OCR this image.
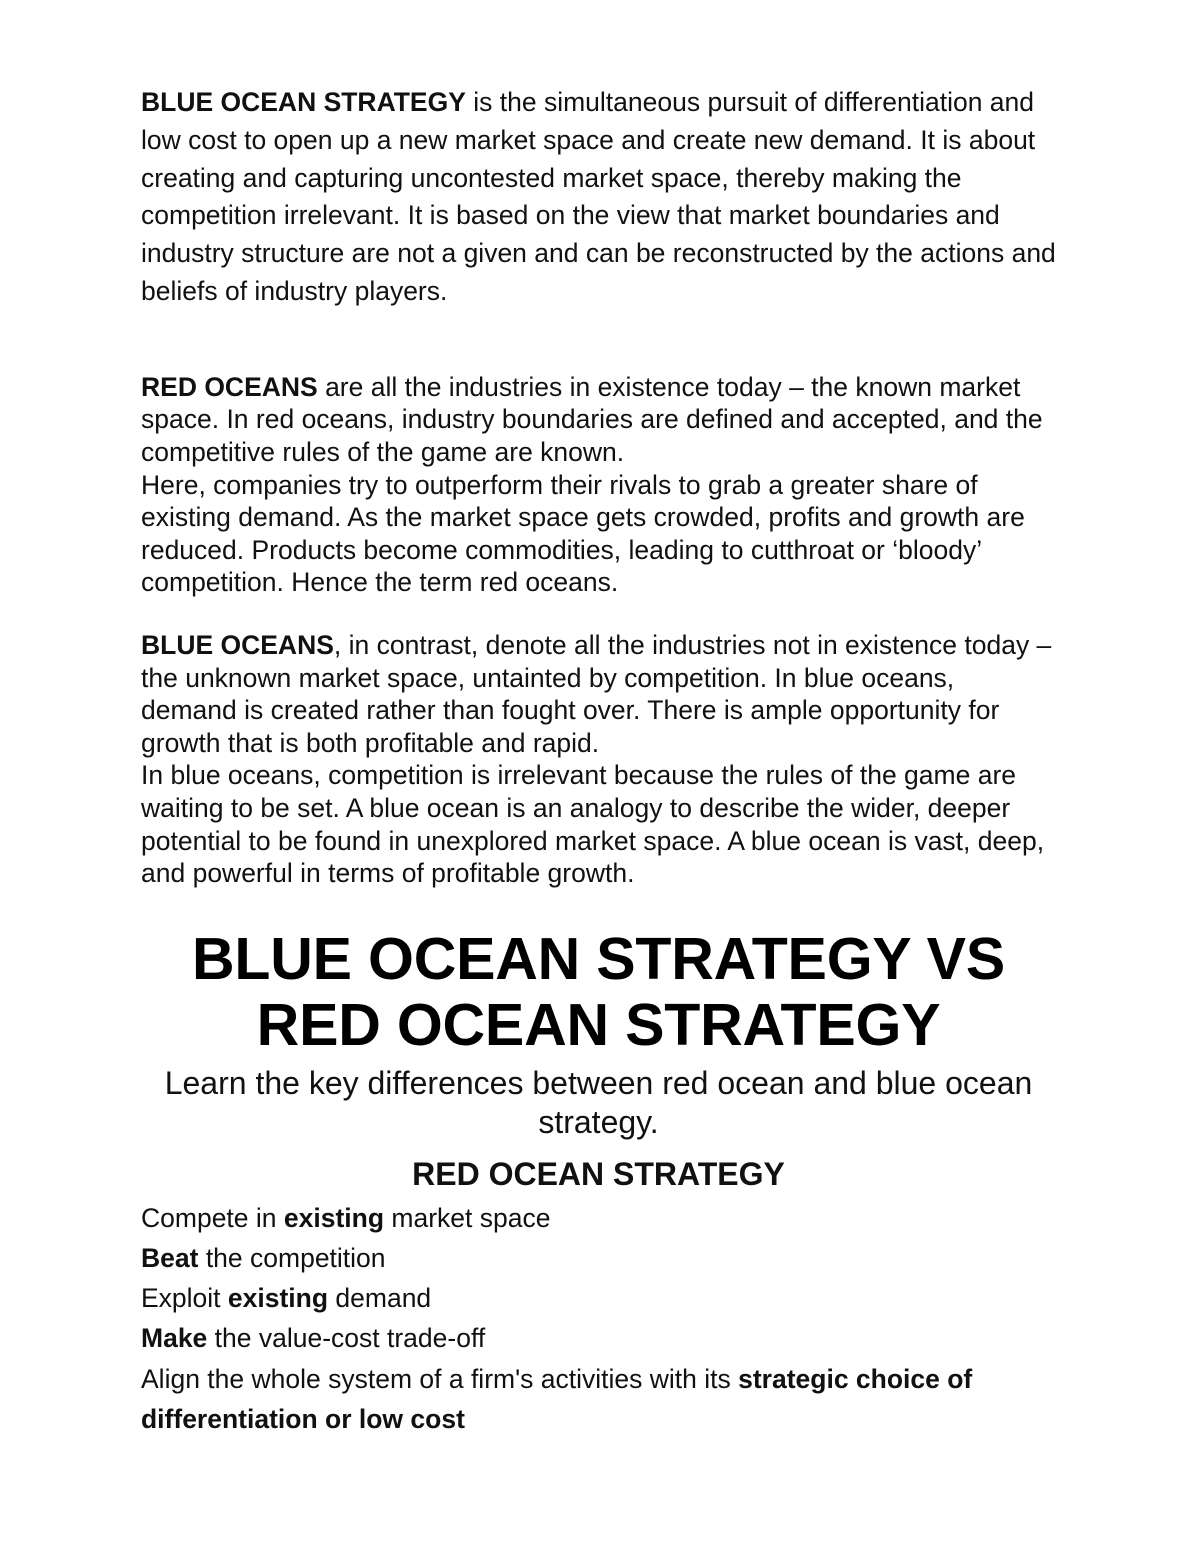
BLUE OCEAN STRATEGY is the simultaneous pursuit of differentiation and low cost to open up a new market space and create new demand. It is about creating and capturing uncontested market space, thereby making the competition irrelevant. It is based on the view that market boundaries and industry structure are not a given and can be reconstructed by the actions and beliefs of industry players.

RED OCEANS are all the industries in existence today – the known market space. In red oceans, industry boundaries are defined and accepted, and the competitive rules of the game are known.
Here, companies try to outperform their rivals to grab a greater share of existing demand. As the market space gets crowded, profits and growth are reduced. Products become commodities, leading to cutthroat or ‘bloody’ competition. Hence the term red oceans.

BLUE OCEANS, in contrast, denote all the industries not in existence today – the unknown market space, untainted by competition. In blue oceans, demand is created rather than fought over. There is ample opportunity for growth that is both profitable and rapid.
In blue oceans, competition is irrelevant because the rules of the game are waiting to be set. A blue ocean is an analogy to describe the wider, deeper potential to be found in unexplored market space. A blue ocean is vast, deep, and powerful in terms of profitable growth.

BLUE OCEAN STRATEGY VS RED OCEAN STRATEGY

Learn the key differences between red ocean and blue ocean strategy.

RED OCEAN STRATEGY
Compete in existing market space
Beat the competition
Exploit existing demand
Make the value-cost trade-off
Align the whole system of a firm's activities with its strategic choice of differentiation or low cost
